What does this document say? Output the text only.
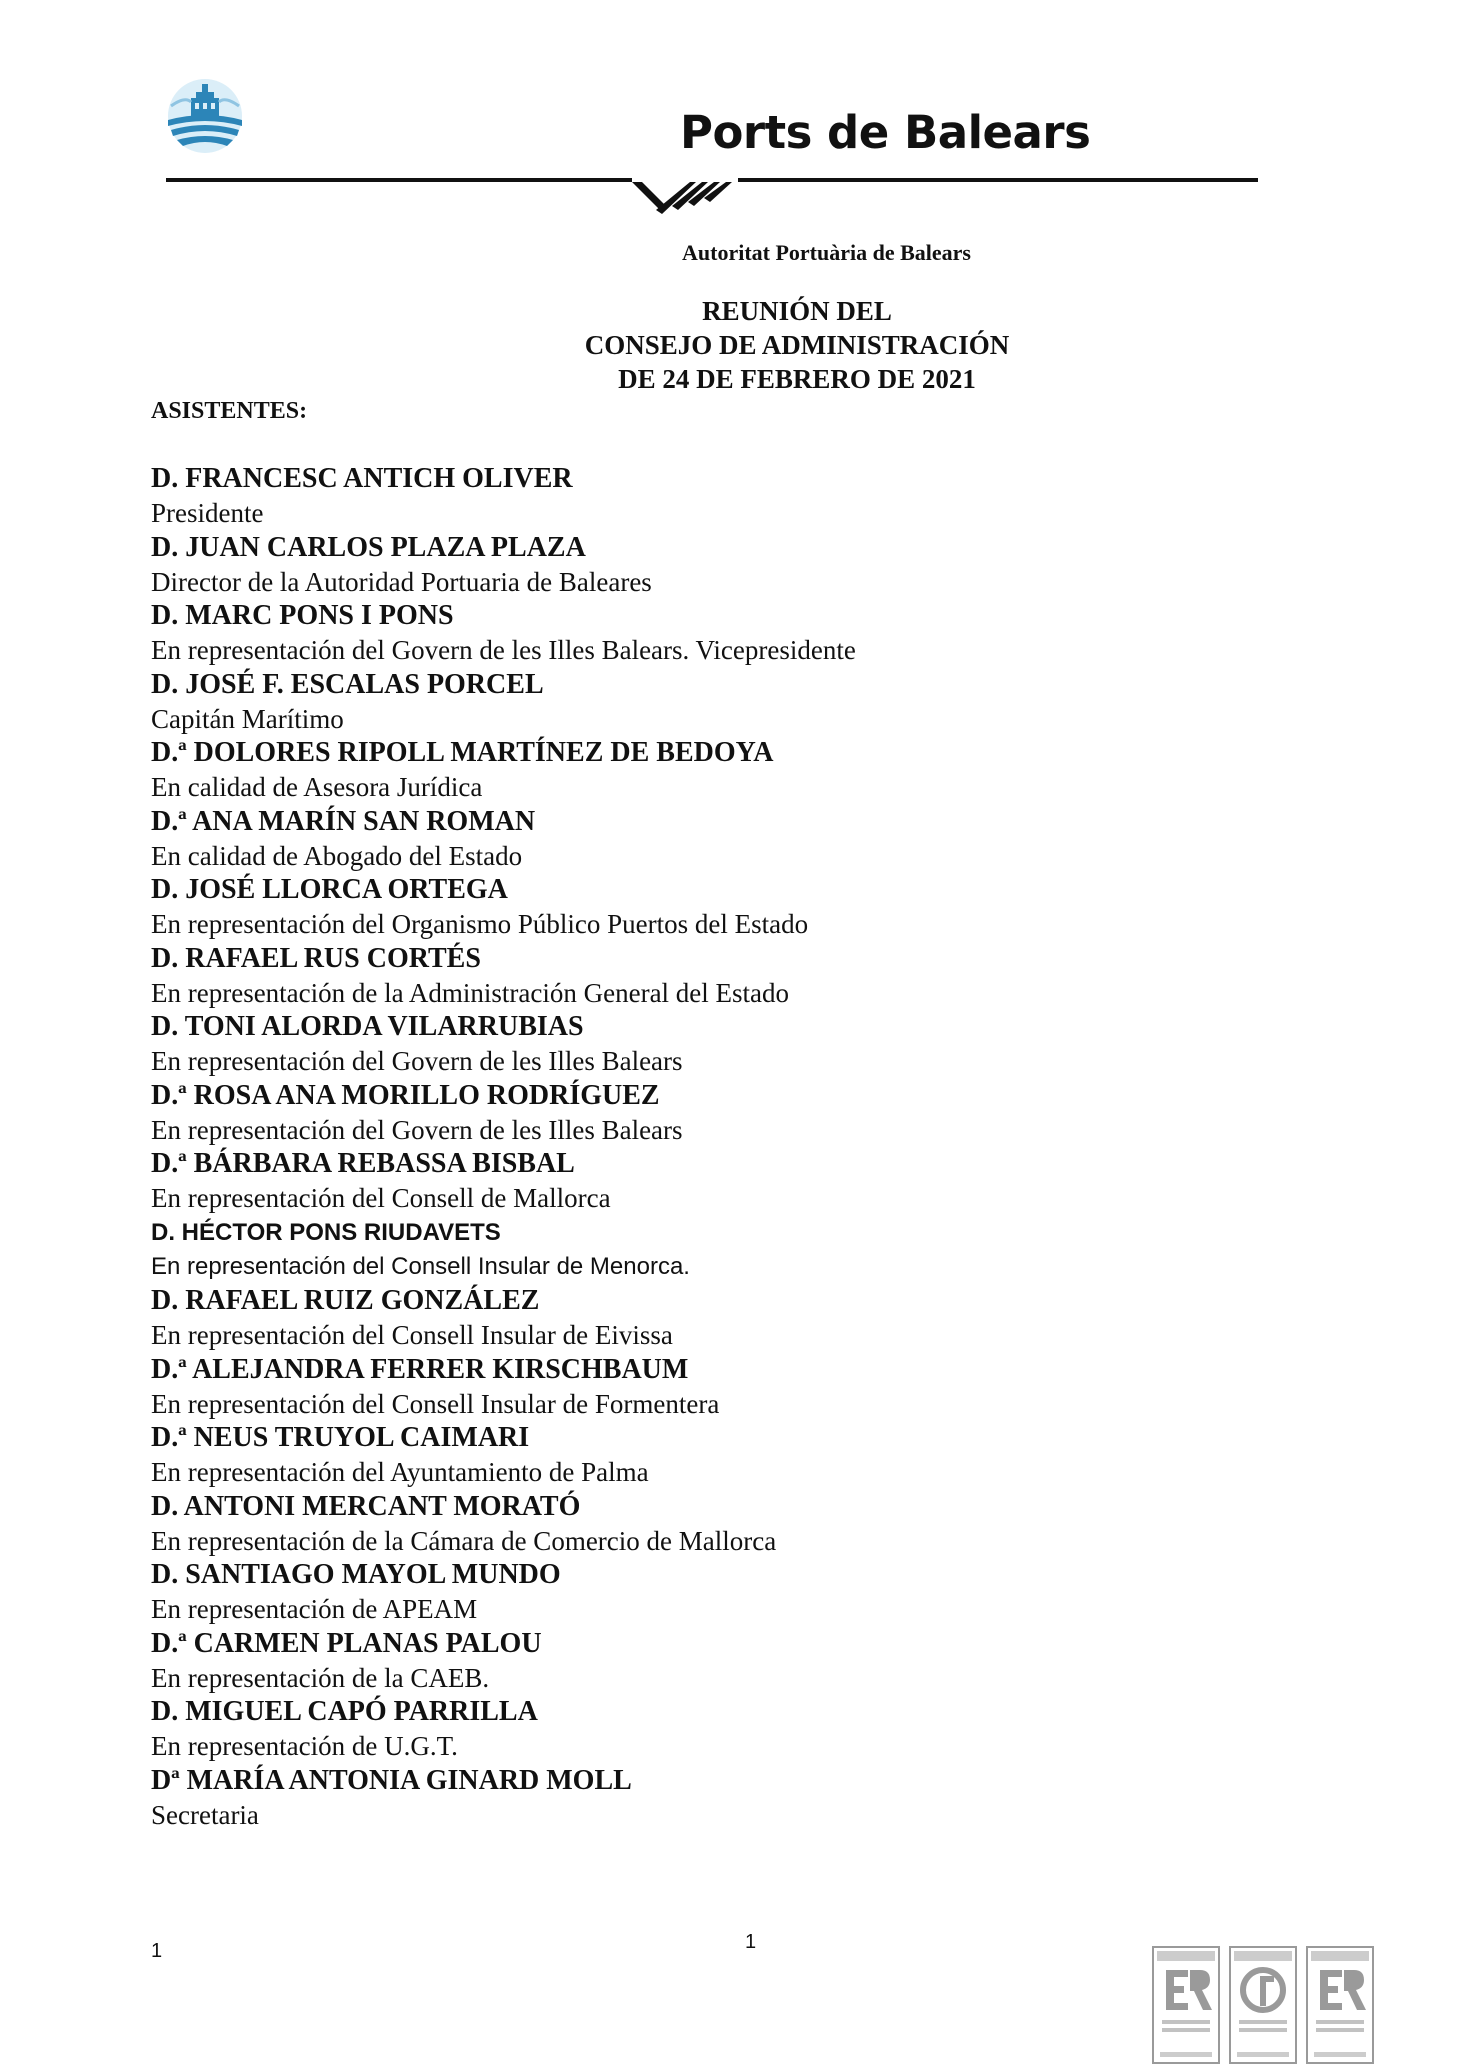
Ports de Balears
Autoritat Portuària de Balears
REUNIÓN DEL
CONSEJO DE ADMINISTRACIÓN
DE 24 DE FEBRERO DE 2021
ASISTENTES:
D. FRANCESC ANTICH OLIVER
Presidente
D. JUAN CARLOS PLAZA PLAZA
Director de la Autoridad Portuaria de Baleares
D. MARC PONS I PONS
En representación del Govern de les Illes Balears. Vicepresidente
D. JOSÉ F. ESCALAS PORCEL
Capitán Marítimo
D.ª DOLORES RIPOLL MARTÍNEZ DE BEDOYA
En calidad de Asesora Jurídica
D.ª ANA MARÍN SAN ROMAN
En calidad de Abogado del Estado
D. JOSÉ LLORCA ORTEGA
En representación del Organismo Público Puertos del Estado
D. RAFAEL RUS CORTÉS
En representación de la Administración General del Estado
D. TONI ALORDA VILARRUBIAS
En representación del Govern de les Illes Balears
D.ª ROSA ANA MORILLO RODRÍGUEZ
En representación del Govern de les Illes Balears
D.ª BÁRBARA REBASSA BISBAL
En representación del Consell de Mallorca
D. HÉCTOR PONS RIUDAVETS
En representación del Consell Insular de Menorca.
D. RAFAEL RUIZ GONZÁLEZ
En representación del Consell Insular de Eivissa
D.ª ALEJANDRA FERRER KIRSCHBAUM
En representación del Consell Insular de Formentera
D.ª NEUS TRUYOL CAIMARI
En representación del Ayuntamiento de Palma
D. ANTONI MERCANT MORATÓ
En representación de la Cámara de Comercio de Mallorca
D. SANTIAGO MAYOL MUNDO
En representación de APEAM
D.ª CARMEN PLANAS PALOU
En representación de la CAEB.
D. MIGUEL CAPÓ PARRILLA
En representación de U.G.T.
Dª MARÍA ANTONIA GINARD MOLL
Secretaria
1	1
